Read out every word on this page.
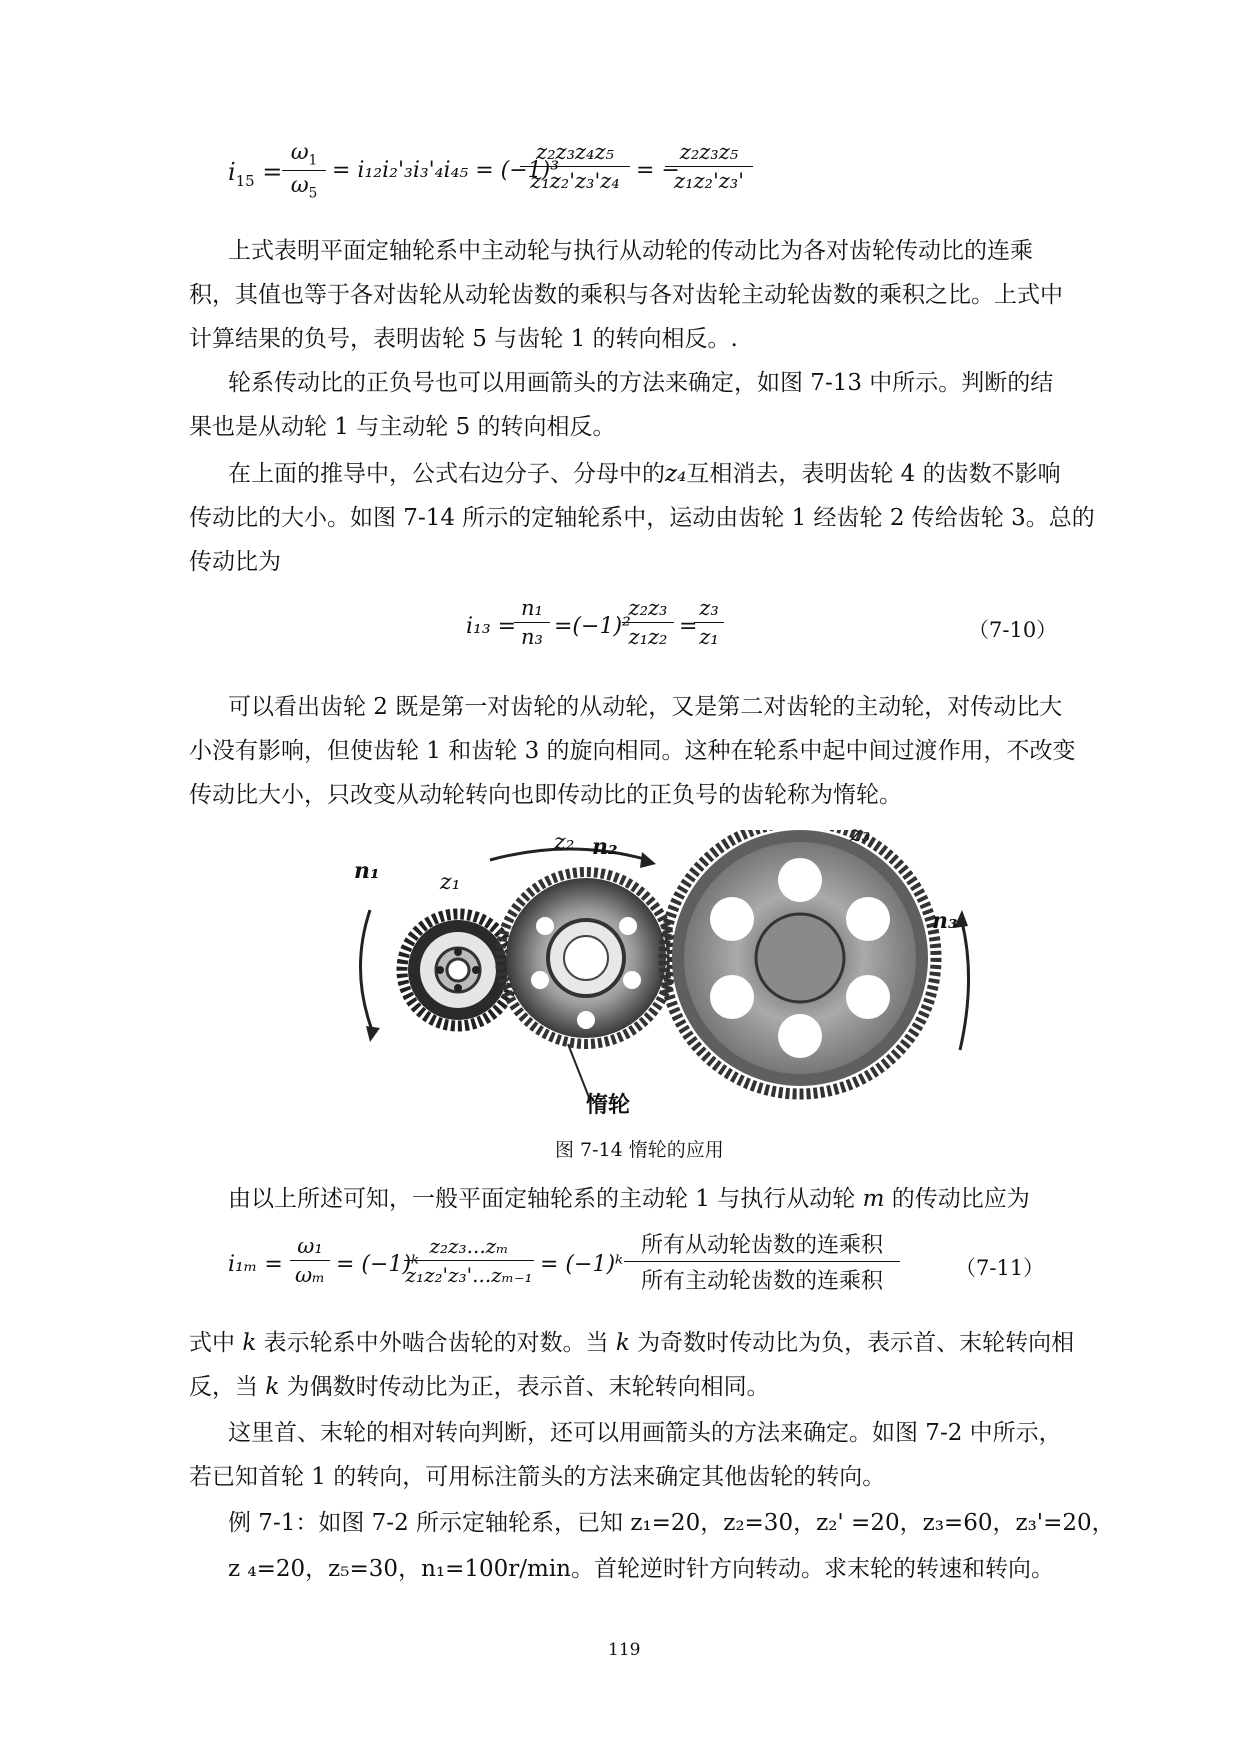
$i_{15}$ =
$\omega_1$
$\omega_5$
= i₁₂i₂'₃i₃'₄i₄₅ = (−1)³
z₂z₃z₄z₅
z₁z₂'z₃'z₄ = −
z₂z₃z₅
z₁z₂'z₃'
上式表明平面定轴轮系中主动轮与执行从动轮的传动比为各对齿轮传动比的连乘
积，其值也等于各对齿轮从动轮齿数的乘积与各对齿轮主动轮齿数的乘积之比。上式中
计算结果的负号，表明齿轮 5 与齿轮 1 的转向相反。.
轮系传动比的正负号也可以用画箭头的方法来确定，如图 7-13 中所示。判断的结
果也是从动轮 1 与主动轮 5 的转向相反。
在上面的推导中，公式右边分子、分母中的z₄互相消去，表明齿轮 4 的齿数不影响
传动比的大小。如图 7-14 所示的定轴轮系中，运动由齿轮 1 经齿轮 2 传给齿轮 3。总的
传动比为
i₁₃ =
n₁
n₃ =(−1)²
z₂z₃
z₁z₂ =
z₃
z₁	（7-10）
可以看出齿轮 2 既是第一对齿轮的从动轮，又是第二对齿轮的主动轮，对传动比大
小没有影响，但使齿轮 1 和齿轮 3 的旋向相同。这种在轮系中起中间过渡作用，不改变
传动比大小，只改变从动轮转向也即传动比的正负号的齿轮称为惰轮。
n₁	z₁
z₂ n₂	z₃
n₃
惰轮
图 7-14 惰轮的应用
由以上所述可知，一般平面定轴轮系的主动轮 1 与执行从动轮 m 的传动比应为
i₁ₘ =
ω₁
ωₘ = (−1)ᵏ
z₂z₃...zₘ
z₁z₂'z₃'...zₘ₋₁ = (−1)ᵏ
所有从动轮齿数的连乘积
所有主动轮齿数的连乘积
（7-11）
式中 k 表示轮系中外啮合齿轮的对数。当 k 为奇数时传动比为负，表示首、末轮转向相
反，当 k 为偶数时传动比为正，表示首、末轮转向相同。
这里首、末轮的相对转向判断，还可以用画箭头的方法来确定。如图 7-2 中所示，
若已知首轮 1 的转向，可用标注箭头的方法来确定其他齿轮的转向。
例 7-1：如图 7-2 所示定轴轮系，已知 z₁=20，z₂=30，z₂' =20，z₃=60，z₃'=20，
z ₄=20，z₅=30，n₁=100r/min。首轮逆时针方向转动。求末轮的转速和转向。
119
